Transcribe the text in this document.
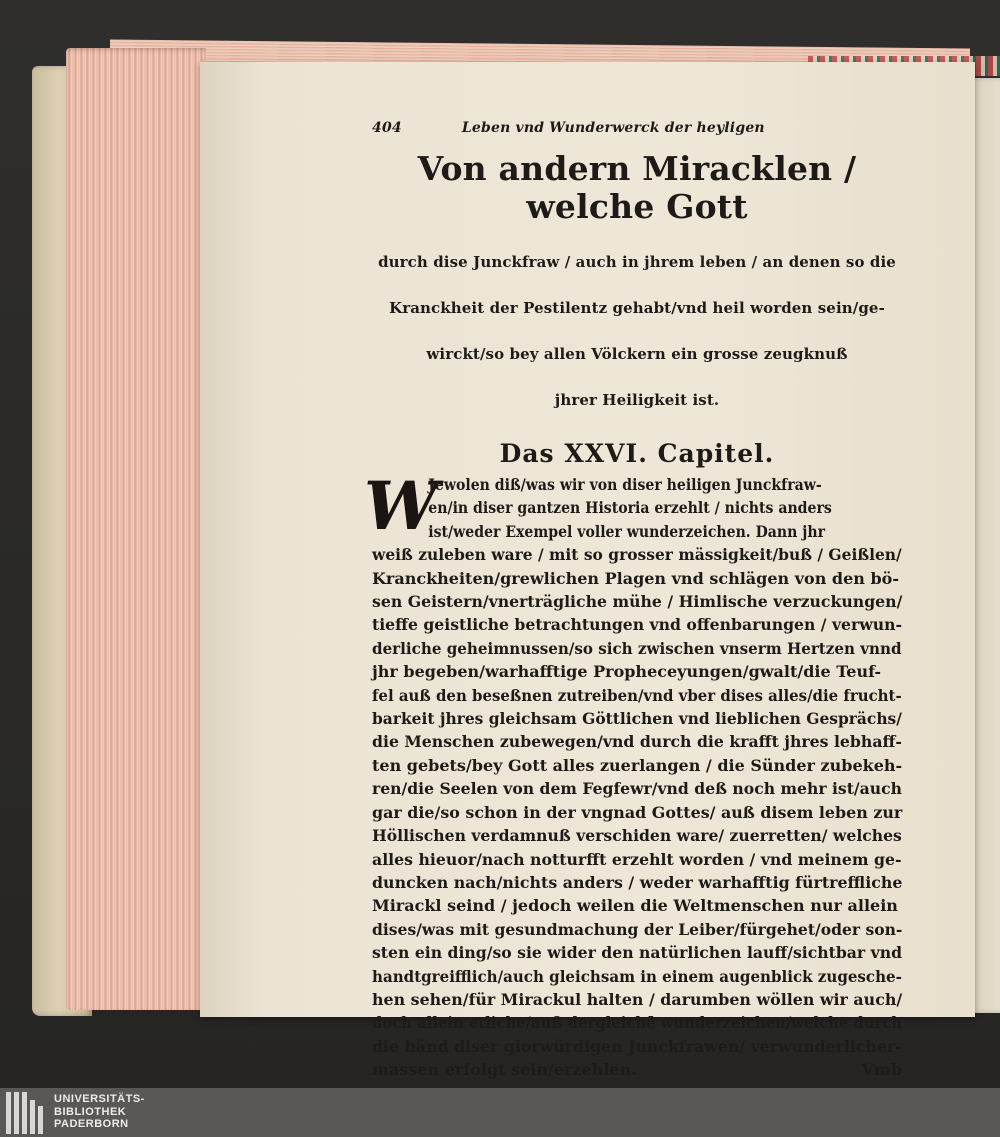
404	Leben vnd Wunderwerck der heyligen
Von andern Miracklen / welche Gott

durch dise Junckfraw / auch in jhrem leben / an denen so die

Kranckheit der Pestilentz gehabt/vnd heil worden sein/ge-

wirckt/so bey allen Völckern ein grosse zeugknuß

jhrer Heiligkeit ist.

Das XXVI. Capitel.
W
Jewolen diß/was wir von diser heiligen Junckfraw-
en/in diser gantzen Historia erzehlt / nichts anders
ist/weder Exempel voller wunderzeichen. Dann jhr
weiß zuleben ware / mit so grosser mässigkeit/buß / Geißlen/
Kranckheiten/grewlichen Plagen vnd schlägen von den bö-
sen Geistern/vnerträgliche mühe / Himlische verzuckungen/
tieffe geistliche betrachtungen vnd offenbarungen / verwun-
derliche geheimnussen/so sich zwischen vnserm Hertzen vnnd
jhr begeben/warhafftige Propheceyungen/gwalt/die Teuf-
fel auß den beseßnen zutreiben/vnd vber dises alles/die frucht-
barkeit jhres gleichsam Göttlichen vnd lieblichen Gesprächs/
die Menschen zubewegen/vnd durch die krafft jhres lebhaff-
ten gebets/bey Gott alles zuerlangen / die Sünder zubekeh-
ren/die Seelen von dem Fegfewr/vnd deß noch mehr ist/auch
gar die/so schon in der vngnad Gottes/ auß disem leben zur
Höllischen verdamnuß verschiden ware/ zuerretten/ welches
alles hieuor/nach notturfft erzehlt worden / vnd meinem ge-
duncken nach/nichts anders / weder warhafftig fürtreffliche
Mirackl seind / jedoch weilen die Weltmenschen nur allein
dises/was mit gesundmachung der Leiber/fürgehet/oder son-
sten ein ding/so sie wider den natürlichen lauff/sichtbar vnd
handtgreifflich/auch gleichsam in einem augenblick zugesche-
hen sehen/für Mirackul halten / darumben wöllen wir auch/
doch allein etliche/auß dergleichē wunderzeichen/welche durch
die händ diser glorwürdigen Junckfrawen/ verwunderlicher-
massen erfolgt sein/erzehlen.	Vmb
UNIVERSITÄTS-
BIBLIOTHEK
PADERBORN
